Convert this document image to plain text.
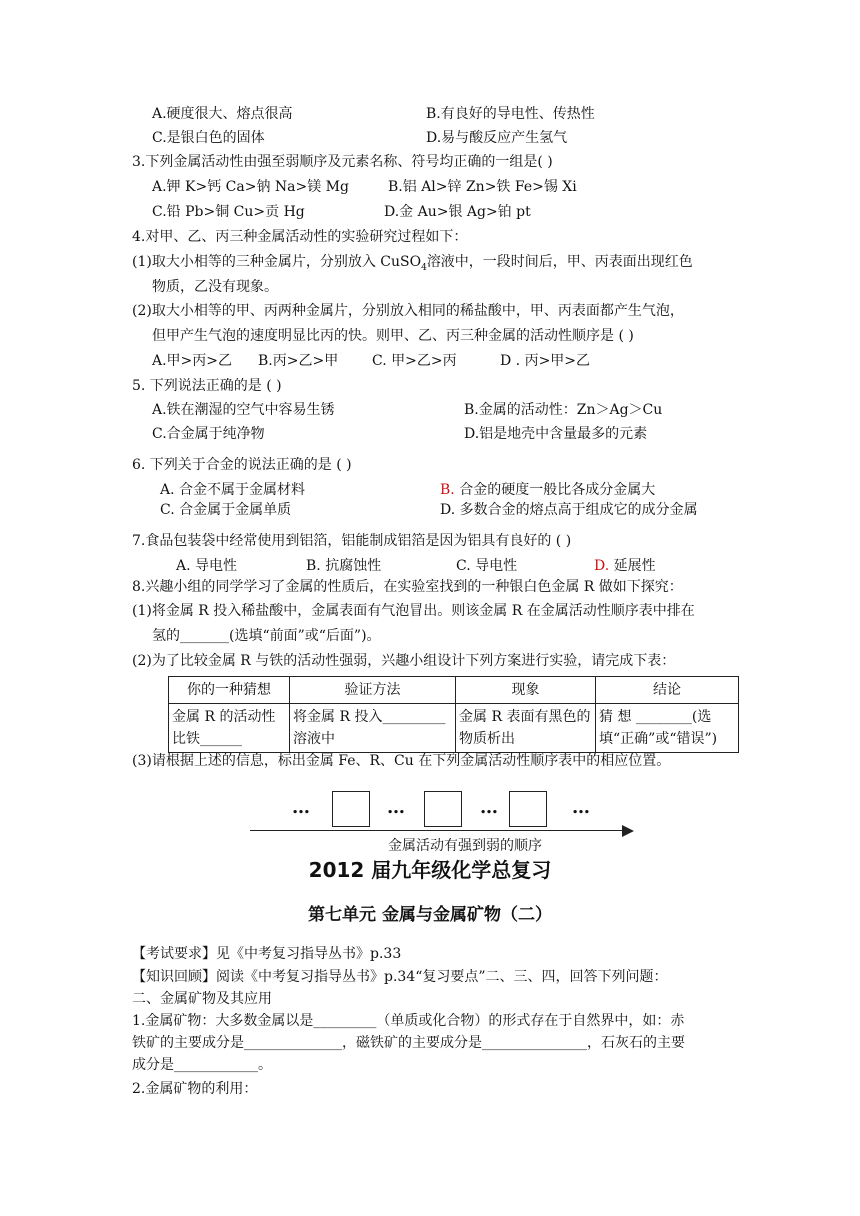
A.硬度很大、熔点很高	B.有良好的导电性、传热性
C.是银白色的固体	D.易与酸反应产生氢气
3.下列金属活动性由强至弱顺序及元素名称、符号均正确的一组是( )
A.钾 K>钙 Ca>钠 Na>镁 Mg	B.铝 Al>锌 Zn>铁 Fe>锡 Xi
C.铅 Pb>铜 Cu>贡 Hg	D.金 Au>银 Ag>铂 pt
4.对甲、乙、丙三种金属活动性的实验研究过程如下：
(1)取大小相等的三种金属片，分别放入 CuSO$_4$溶液中，一段时间后，甲、丙表面出现红色
物质，乙没有现象。
(2)取大小相等的甲、丙两种金属片，分别放入相同的稀盐酸中，甲、丙表面都产生气泡，
但甲产生气泡的速度明显比丙的快。则甲、乙、丙三种金属的活动性顺序是 ( )
A.甲>丙>乙 B.丙>乙>甲 C. 甲>乙>丙	D . 丙>甲>乙
5. 下列说法正确的是 ( )
A.铁在潮湿的空气中容易生锈	B.金属的活动性：Zn＞Ag＞Cu
C.合金属于纯净物	D.铝是地壳中含量最多的元素
6. 下列关于合金的说法正确的是 ( )
A. 合金不属于金属材料	B. 合金的硬度一般比各成分金属大
C. 合金属于金属单质	D. 多数合金的熔点高于组成它的成分金属
7.食品包装袋中经常使用到铝箔，铝能制成铝箔是因为铝具有良好的 ( )
A. 导电性	B. 抗腐蚀性	C. 导电性	D. 延展性
8.兴趣小组的同学学习了金属的性质后，在实验室找到的一种银白色金属 R 做如下探究：
(1)将金属 R 投入稀盐酸中，金属表面有气泡冒出。则该金属 R 在金属活动性顺序表中排在
氢的_______(选填“前面”或“后面”)。
(2)为了比较金属 R 与铁的活动性强弱，兴趣小组设计下列方案进行实验，请完成下表：
你的一种猜想	验证方法	现象	结论
金属 R 的活动性比铁______	将金属 R 投入_________溶液中	金属 R 表面有黑色的物质析出	猜 想 ________(选 填“正确”或“错误”)
(3)请根据上述的信息，标出金属 Fe、R、Cu 在下列金属活动性顺序表中的相应位置。
…	…	…	…
金属活动有强到弱的顺序
2012 届九年级化学总复习
第七单元 金属与金属矿物（二）
【考试要求】见《中考复习指导丛书》p.33
【知识回顾】阅读《中考复习指导丛书》p.34“复习要点”二、三、四，回答下列问题：
二、金属矿物及其应用
1.金属矿物：大多数金属以是_________（单质或化合物）的形式存在于自然界中，如：赤
铁矿的主要成分是______________，磁铁矿的主要成分是_______________，石灰石的主要
成分是____________。
2.金属矿物的利用：
